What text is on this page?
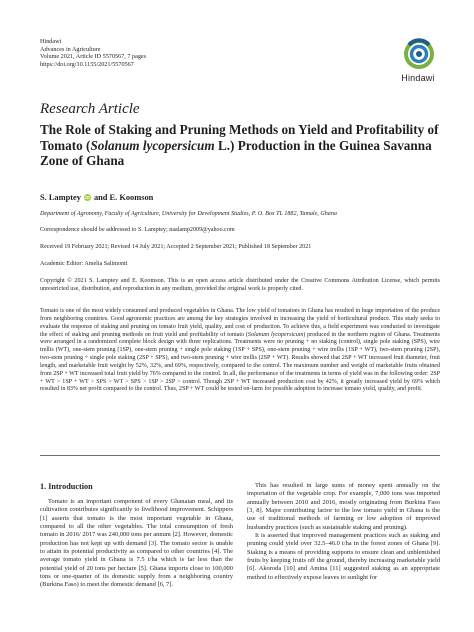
Hindawi
Advances in Agriculture
Volume 2021, Article ID 5570567, 7 pages
https://doi.org/10.1155/2021/5570567
Hindawi
Research Article
The Role of Staking and Pruning Methods on Yield and Profitability of Tomato (Solanum lycopersicum L.) Production in the Guinea Savanna Zone of Ghana
S. Lamptey iD and E. Koomson
Department of Agronomy, Faculty of Agriculture, University for Development Studies, P. O. Box TL 1882, Tamale, Ghana
Correspondence should be addressed to S. Lamptey; naalamp2009@yahoo.com
Received 19 February 2021; Revised 14 July 2021; Accepted 2 September 2021; Published 18 September 2021
Academic Editor: Amelia Salimonti
Copyright © 2021 S. Lamptey and E. Koomson. This is an open access article distributed under the Creative Commons Attribution License, which permits unrestricted use, distribution, and reproduction in any medium, provided the original work is properly cited.
Tomato is one of the most widely consumed and produced vegetables in Ghana. The low yield of tomatoes in Ghana has resulted in huge importation of the produce from neighboring countries. Good agronomic practices are among the key strategies involved in increasing the yield of horticultural produce. This study seeks to evaluate the response of staking and pruning on tomato fruit yield, quality, and cost of production. To achieve this, a field experiment was conducted to investigate the effect of staking and pruning methods on fruit yield and profitability of tomato (Solanum lycopersicum) produced in the northern region of Ghana. Treatments were arranged in a randomized complete block design with three replications. Treatments were no pruning + no staking (control), single pole staking (SPS), wire trellis (WT), one-stem pruning (1SP), one-stem pruning + single pole staking (1SP + SPS), one-stem pruning + wire trellis (1SP + WT), two-stem pruning (2SP), two-stem pruning + single pole staking (2SP + SPS), and two-stem pruning + wire trellis (2SP + WT). Results showed that 2SP + WT increased fruit diameter, fruit length, and marketable fruit weight by 52%, 32%, and 69%, respectively, compared to the control. The maximum number and weight of marketable fruits obtained from 2SP + WT increased total fruit yield by 76% compared to the control. In all, the performance of the treatments in terms of yield was in the following order: 2SP + WT > 1SP + WT > SPS > WT > SPS > 1SP > 2SP > control. Though 2SP + WT increased production cost by 42%, it greatly increased yield by 69% which resulted in 83% net profit compared to the control. Thus, 2SP + WT could be tested on-farm for possible adoption to increase tomato yield, quality, and profit.
1. Introduction

Tomato is an important component of every Ghanaian meal, and its cultivation contributes significantly to livelihood improvement. Schippers [1] asserts that tomato is the most important vegetable in Ghana, compared to all the other vegetables. The total consumption of fresh tomato in 2016/ 2017 was 240,000 tons per annum [2]. However, domestic production has not kept up with demand [3]. The tomato sector is unable to attain its potential productivity as compared to other countries [4]. The average tomato yield in Ghana is 7.5 t/ha which is far less than the potential yield of 20 tons per hectare [5]. Ghana imports close to 100,000 tons or one-quarter of its domestic supply from a neighboring country (Burkina Faso) to meet the domestic demand [6, 7].

This has resulted in large sums of money spent annually on the importation of the vegetable crop. For example, 7,000 tons was imported annually between 2010 and 2016, mostly originating from Burkina Faso [3, 8]. Major contributing factor to the low tomato yield in Ghana is the use of traditional methods of farming or low adoption of improved husbandry practices (such as sustainable staking and pruning).

It is asserted that improved management practices such as staking and pruning could yield over 32.5–46.0 t/ha in the forest zones of Ghana [9]. Staking is a means of providing supports to ensure clean and unblemished fruits by keeping fruits off the ground, thereby increasing marketable yield [6]. Akoroda [10] and Amina [11] suggested staking as an appropriate method to effectively expose leaves to sunlight for
